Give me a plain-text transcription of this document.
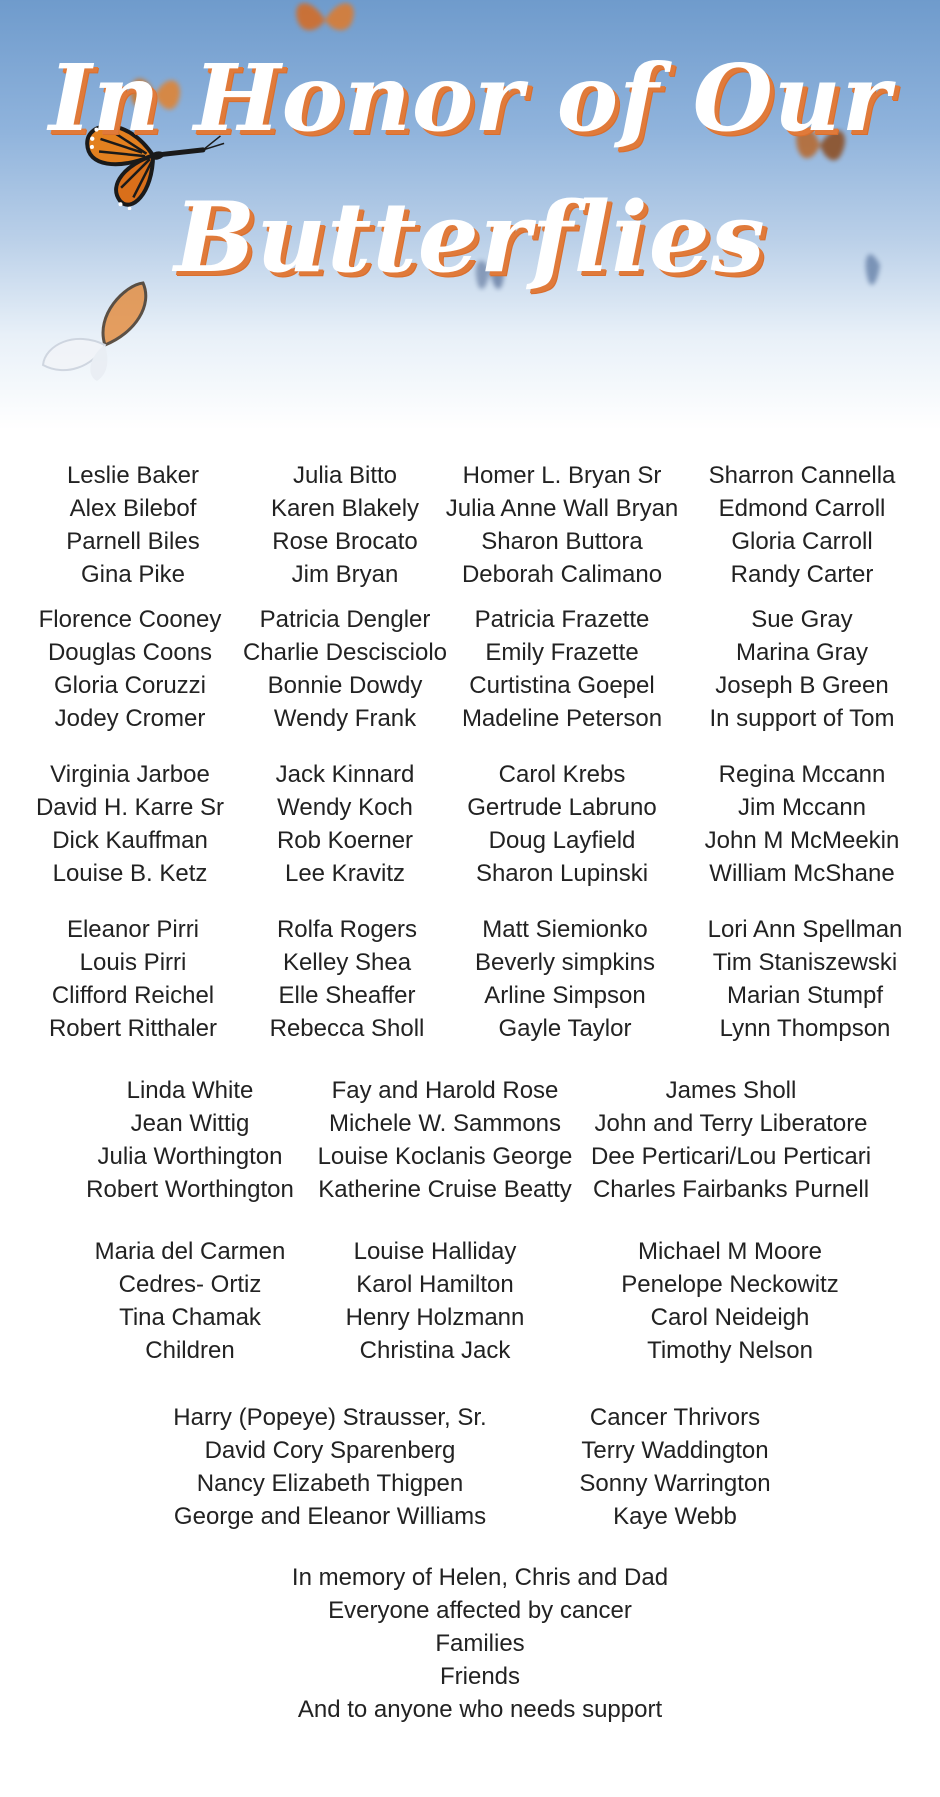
In Honor of Our
Butterflies
Leslie Baker
Alex Bilebof
Parnell Biles
Gina Pike
Julia Bitto
Karen Blakely
Rose Brocato
Jim Bryan
Homer L. Bryan Sr
Julia Anne Wall Bryan
Sharon Buttora
Deborah Calimano
Sharron Cannella
Edmond Carroll
Gloria Carroll
Randy Carter
Florence Cooney
Douglas Coons
Gloria Coruzzi
Jodey Cromer
Patricia Dengler
Charlie Descisciolo
Bonnie Dowdy
Wendy Frank
Patricia Frazette
Emily Frazette
Curtistina Goepel
Madeline Peterson
Sue Gray
Marina Gray
Joseph B Green
In support of Tom
Virginia Jarboe
David H. Karre Sr
Dick Kauffman
Louise B. Ketz
Jack Kinnard
Wendy Koch
Rob Koerner
Lee Kravitz
Carol Krebs
Gertrude Labruno
Doug Layfield
Sharon Lupinski
Regina Mccann
Jim Mccann
John M McMeekin
William McShane
Eleanor Pirri
Louis Pirri
Clifford Reichel
Robert Ritthaler
Rolfa Rogers
Kelley Shea
Elle Sheaffer
Rebecca Sholl
Matt Siemionko
Beverly simpkins
Arline Simpson
Gayle Taylor
Lori Ann Spellman
Tim Staniszewski
Marian Stumpf
Lynn Thompson
Linda White
Jean Wittig
Julia Worthington
Robert Worthington
Fay and Harold Rose
Michele W. Sammons
Louise Koclanis George
Katherine Cruise Beatty
James Sholl
John and Terry Liberatore
Dee Perticari/Lou Perticari
Charles Fairbanks Purnell
Maria del Carmen
Cedres- Ortiz
Tina Chamak
Children
Louise Halliday
Karol Hamilton
Henry Holzmann
Christina Jack
Michael M Moore
Penelope Neckowitz
Carol Neideigh
Timothy Nelson
Harry (Popeye) Strausser, Sr.
David Cory Sparenberg
Nancy Elizabeth Thigpen
George and Eleanor Williams
Cancer Thrivors
Terry Waddington
Sonny Warrington
Kaye Webb
In memory of Helen, Chris and Dad
Everyone affected by cancer
Families
Friends
And to anyone who needs support
